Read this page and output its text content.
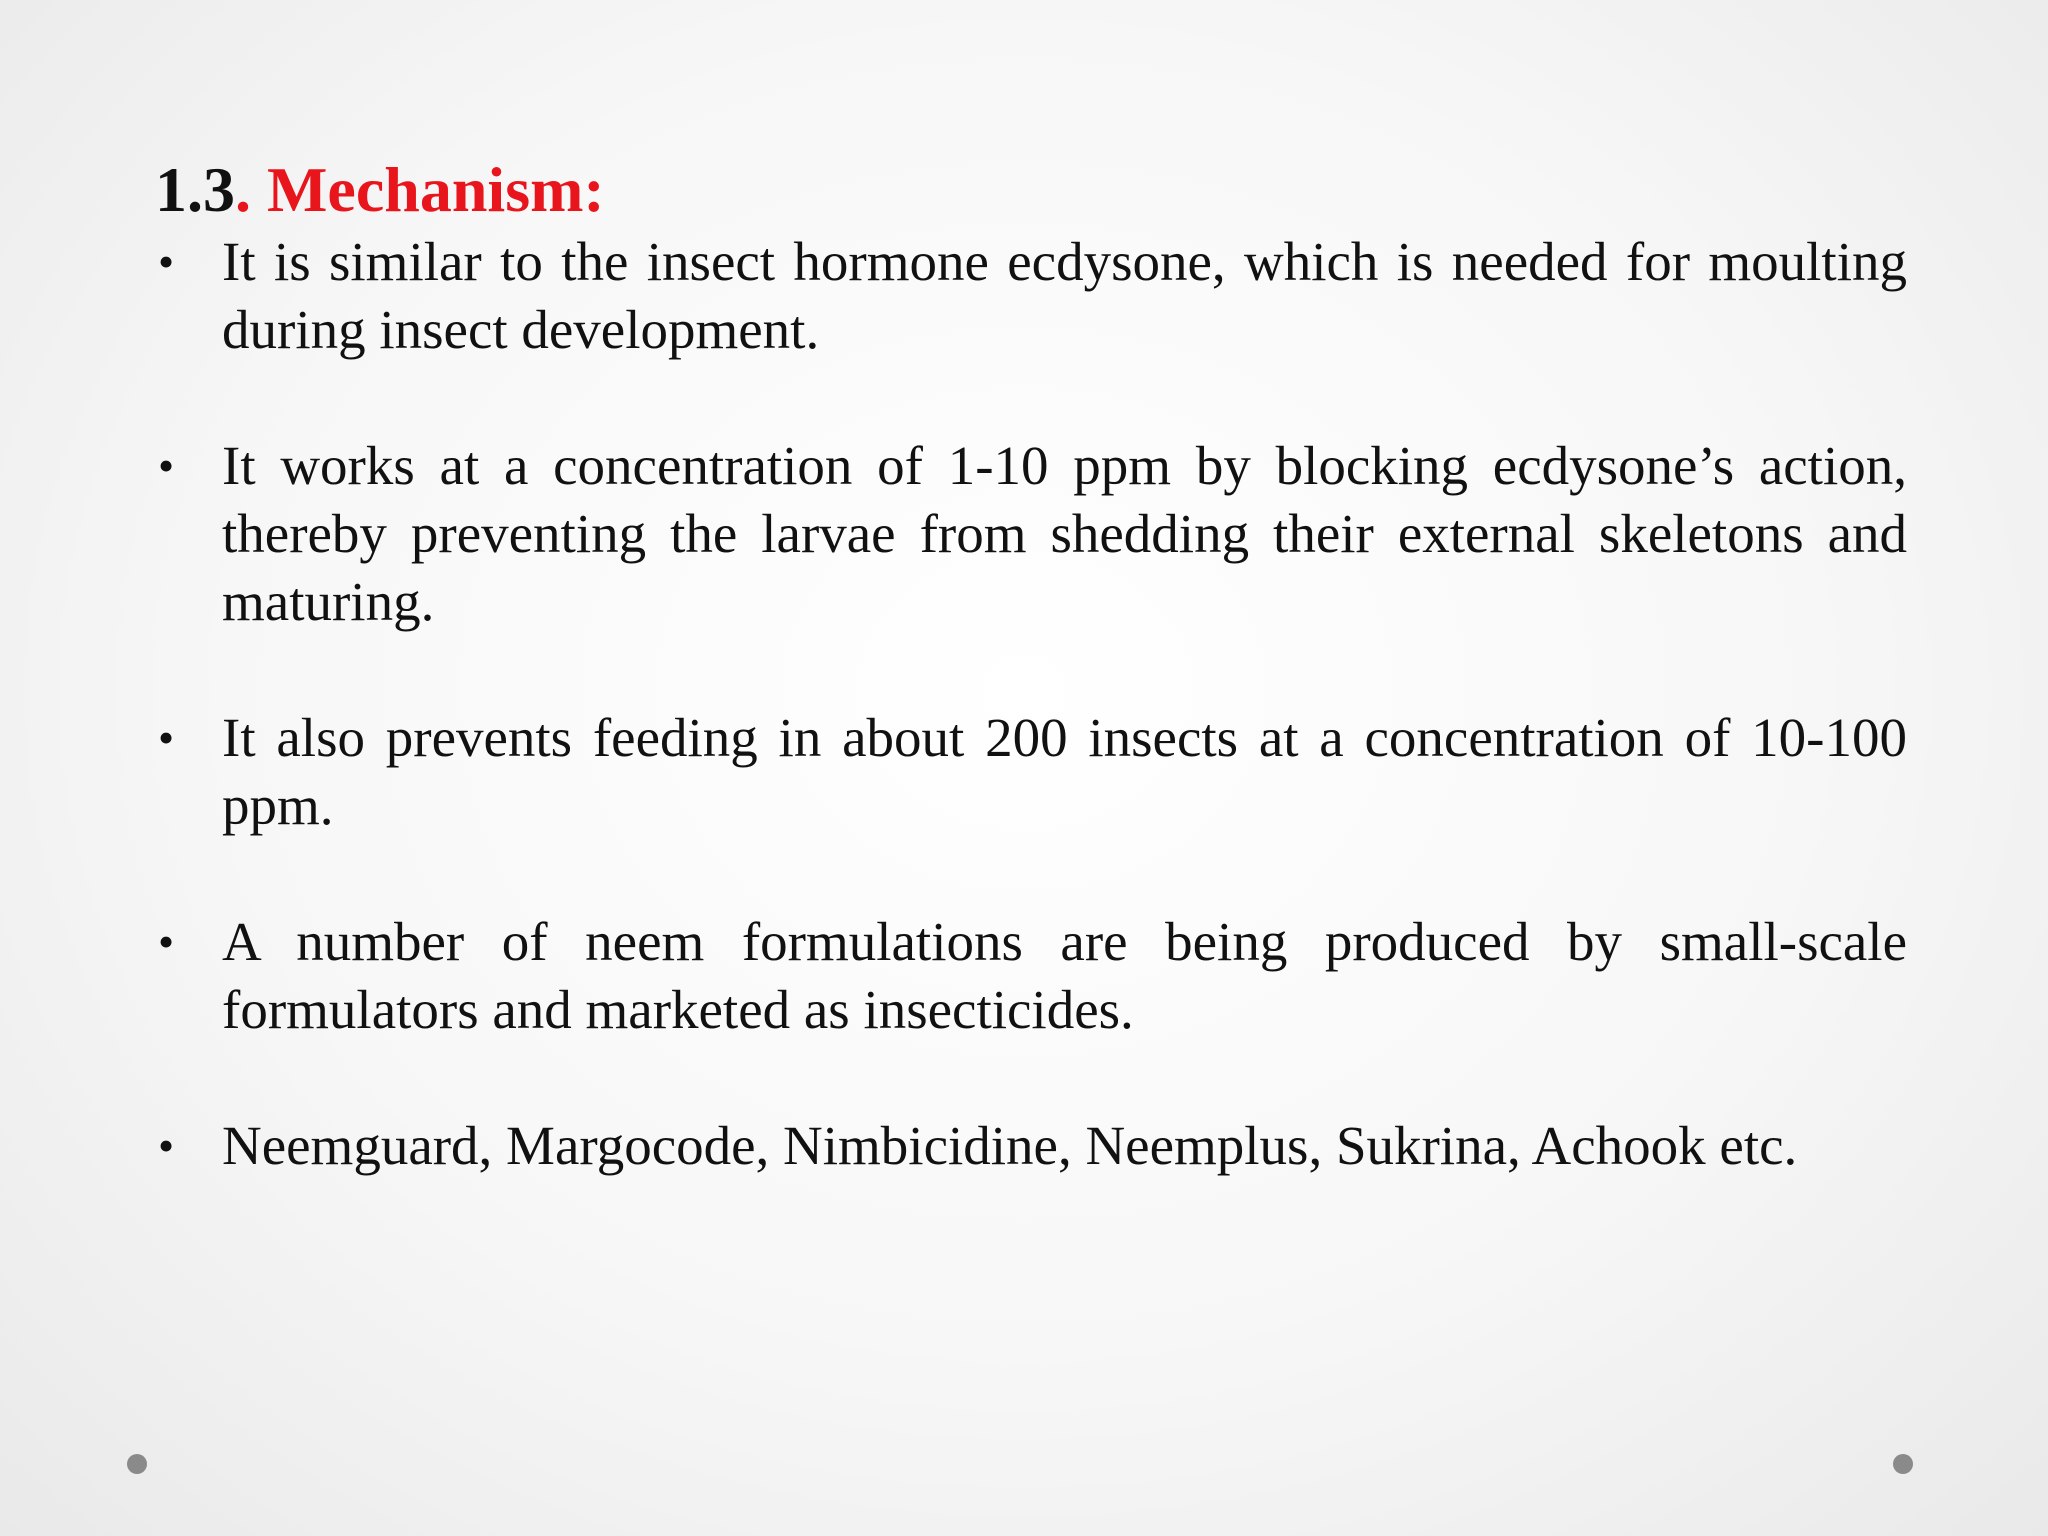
1.3. Mechanism:
• It is similar to the insect hormone ecdysone, which is needed for moulting during insect development.
• It works at a concentration of 1-10 ppm by blocking ecdysone’s action, thereby preventing the larvae from shedding their external skeletons and maturing.
• It also prevents feeding in about 200 insects at a concentration of 10-100 ppm.
• A number of neem formulations are being produced by small-scale formulators and marketed as insecticides.
• Neemguard, Margocode, Nimbicidine, Neemplus, Sukrina, Achook etc.
